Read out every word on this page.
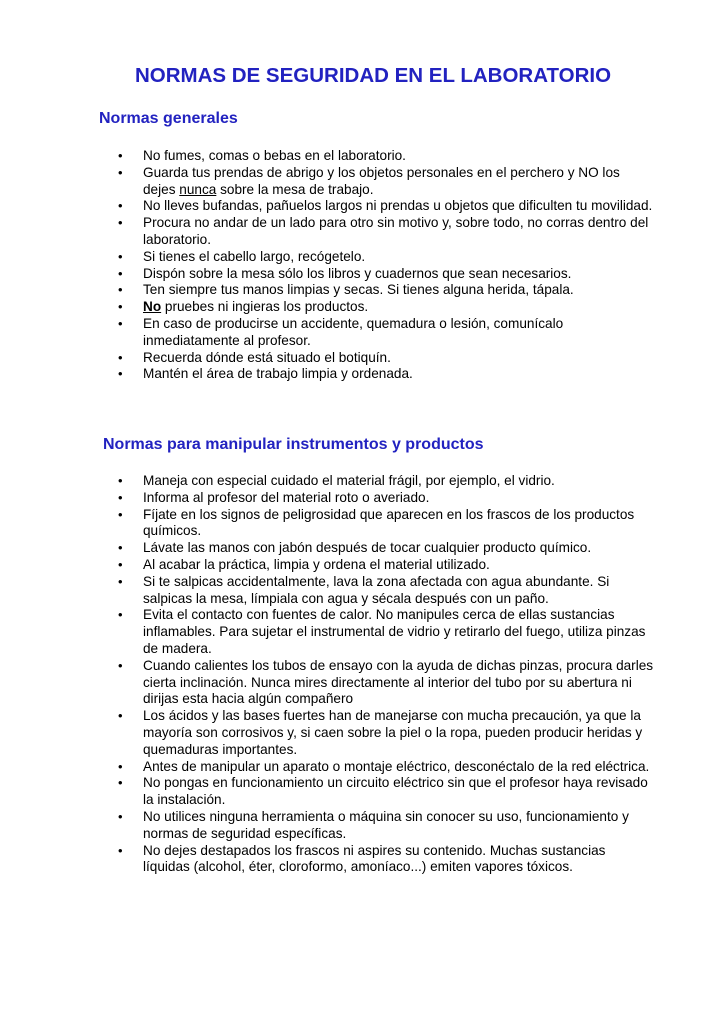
NORMAS DE SEGURIDAD EN EL LABORATORIO
Normas generales
• No fumes, comas o bebas en el laboratorio.
• Guarda tus prendas de abrigo y los objetos personales en el perchero y NO los dejes nunca sobre la mesa de trabajo.
• No lleves bufandas, pañuelos largos ni prendas u objetos que dificulten tu movilidad.
• Procura no andar de un lado para otro sin motivo y, sobre todo, no corras dentro del laboratorio.
• Si tienes el cabello largo, recógetelo.
• Dispón sobre la mesa sólo los libros y cuadernos que sean necesarios.
• Ten siempre tus manos limpias y secas. Si tienes alguna herida, tápala.
• No pruebes ni ingieras los productos.
• En caso de producirse un accidente, quemadura o lesión, comunícalo inmediatamente al profesor.
• Recuerda dónde está situado el botiquín.
• Mantén el área de trabajo limpia y ordenada.
Normas para manipular instrumentos y productos
• Maneja con especial cuidado el material frágil, por ejemplo, el vidrio.
• Informa al profesor del material roto o averiado.
• Fíjate en los signos de peligrosidad que aparecen en los frascos de los productos químicos.
• Lávate las manos con jabón después de tocar cualquier producto químico.
• Al acabar la práctica, limpia y ordena el material utilizado.
• Si te salpicas accidentalmente, lava la zona afectada con agua abundante. Si salpicas la mesa, límpiala con agua y sécala después con un paño.
• Evita el contacto con fuentes de calor. No manipules cerca de ellas sustancias inflamables. Para sujetar el instrumental de vidrio y retirarlo del fuego, utiliza pinzas de madera.
• Cuando calientes los tubos de ensayo con la ayuda de dichas pinzas, procura darles cierta inclinación. Nunca mires directamente al interior del tubo por su abertura ni dirijas esta hacia algún compañero
• Los ácidos y las bases fuertes han de manejarse con mucha precaución, ya que la mayoría son corrosivos y, si caen sobre la piel o la ropa, pueden producir heridas y quemaduras importantes.
• Antes de manipular un aparato o montaje eléctrico, desconéctalo de la red eléctrica.
• No pongas en funcionamiento un circuito eléctrico sin que el profesor haya revisado la instalación.
• No utilices ninguna herramienta o máquina sin conocer su uso, funcionamiento y normas de seguridad específicas.
• No dejes destapados los frascos ni aspires su contenido. Muchas sustancias líquidas (alcohol, éter, cloroformo, amoníaco...) emiten vapores tóxicos.
